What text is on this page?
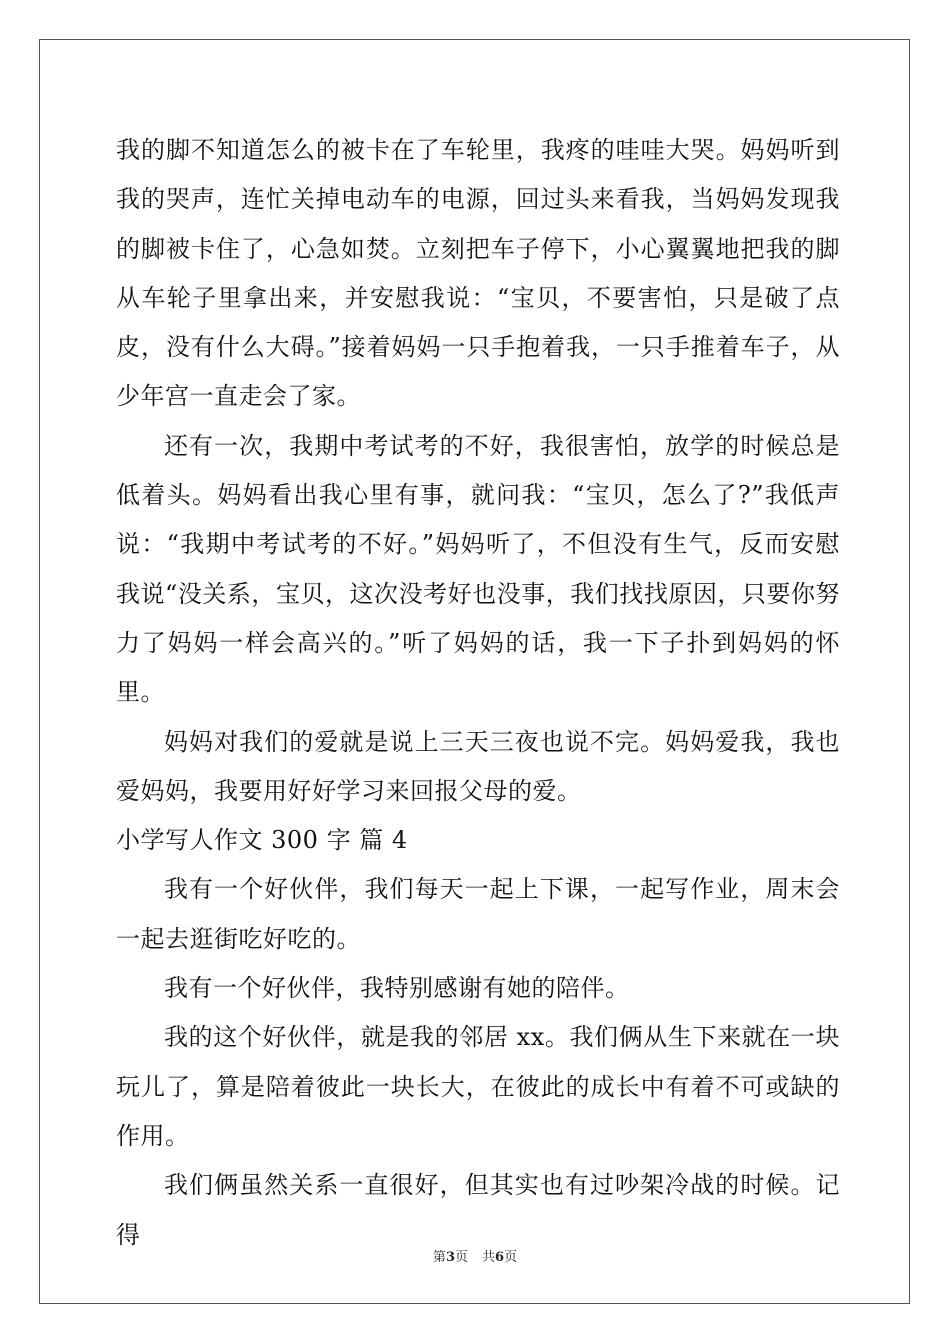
我的脚不知道怎么的被卡在了车轮里，我疼的哇哇大哭。妈妈听到我的哭声，连忙关掉电动车的电源，回过头来看我，当妈妈发现我的脚被卡住了，心急如焚。立刻把车子停下，小心翼翼地把我的脚从车轮子里拿出来，并安慰我说：“宝贝，不要害怕，只是破了点皮，没有什么大碍。”接着妈妈一只手抱着我，一只手推着车子，从少年宫一直走会了家。

还有一次，我期中考试考的不好，我很害怕，放学的时候总是低着头。妈妈看出我心里有事，就问我：“宝贝，怎么了?”我低声说：“我期中考试考的不好。”妈妈听了，不但没有生气，反而安慰我说“没关系，宝贝，这次没考好也没事，我们找找原因，只要你努力了妈妈一样会高兴的。”听了妈妈的话，我一下子扑到妈妈的怀里。

妈妈对我们的爱就是说上三天三夜也说不完。妈妈爱我，我也爱妈妈，我要用好好学习来回报父母的爱。

小学写人作文 300 字 篇 4

我有一个好伙伴，我们每天一起上下课，一起写作业，周末会一起去逛街吃好吃的。

我有一个好伙伴，我特别感谢有她的陪伴。

我的这个好伙伴，就是我的邻居 xx。我们俩从生下来就在一块玩儿了，算是陪着彼此一块长大，在彼此的成长中有着不可或缺的作用。

我们俩虽然关系一直很好，但其实也有过吵架冷战的时候。记得

第3页 共6页
